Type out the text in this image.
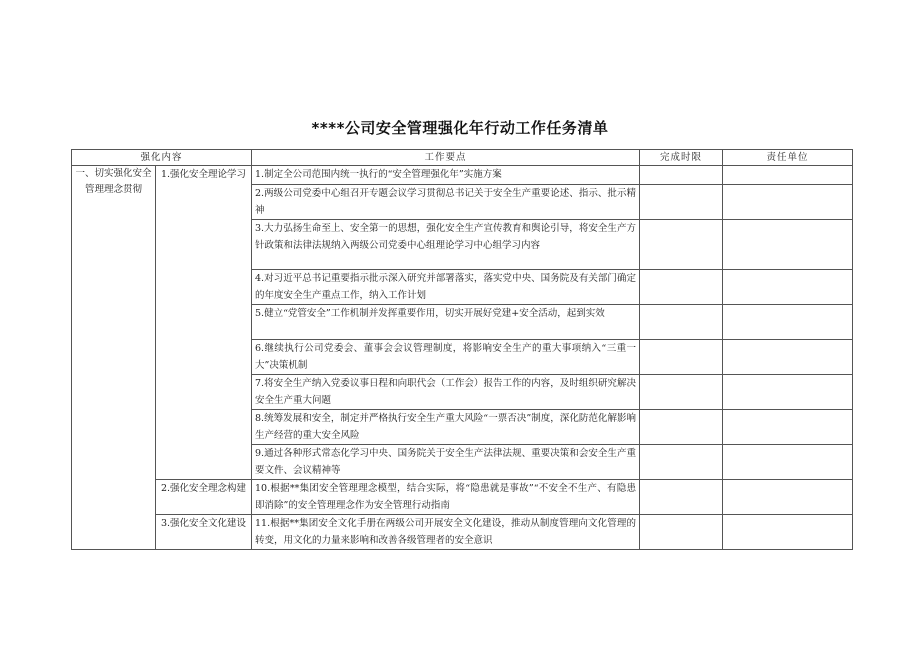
****公司安全管理强化年行动工作任务清单
强化内容		工作要点	完成时限	责任单位
一、切实强化安全管理理念贯彻	1.强化安全理论学习	1.制定全公司范围内统一执行的“安全管理强化年”实施方案		
		2.两级公司党委中心组召开专题会议学习贯彻总书记关于安全生产重要论述、指示、批示精神		
		3.大力弘扬生命至上、安全第一的思想，强化安全生产宣传教育和舆论引导，将安全生产方针政策和法律法规纳入两级公司党委中心组理论学习中心组学习内容		
		4.对习近平总书记重要指示批示深入研究并部署落实，落实党中央、国务院及有关部门确定的年度安全生产重点工作，纳入工作计划		
		5.健立“党管安全”工作机制并发挥重要作用，切实开展好党建+安全活动，起到实效		
		6.继续执行公司党委会、董事会会议管理制度，将影响安全生产的重大事项纳入“三重一大”决策机制		
		7.将安全生产纳入党委议事日程和向职代会（工作会）报告工作的内容，及时组织研究解决安全生产重大问题		
		8.统筹发展和安全，制定并严格执行安全生产重大风险“一票否决”制度，深化防范化解影响生产经营的重大安全风险		
		9.通过各种形式常态化学习中央、国务院关于安全生产法律法规、重要决策和会安全生产重要文件、会议精神等		
	2.强化安全理念构建	10.根据**集团安全管理理念模型，结合实际，将“隐患就是事故”“不安全不生产、有隐患即消除”的安全管理理念作为安全管理行动指南		
	3.强化安全文化建设	11.根据**集团安全文化手册在两级公司开展安全文化建设，推动从制度管理向文化管理的转变，用文化的力量来影响和改善各级管理者的安全意识		
